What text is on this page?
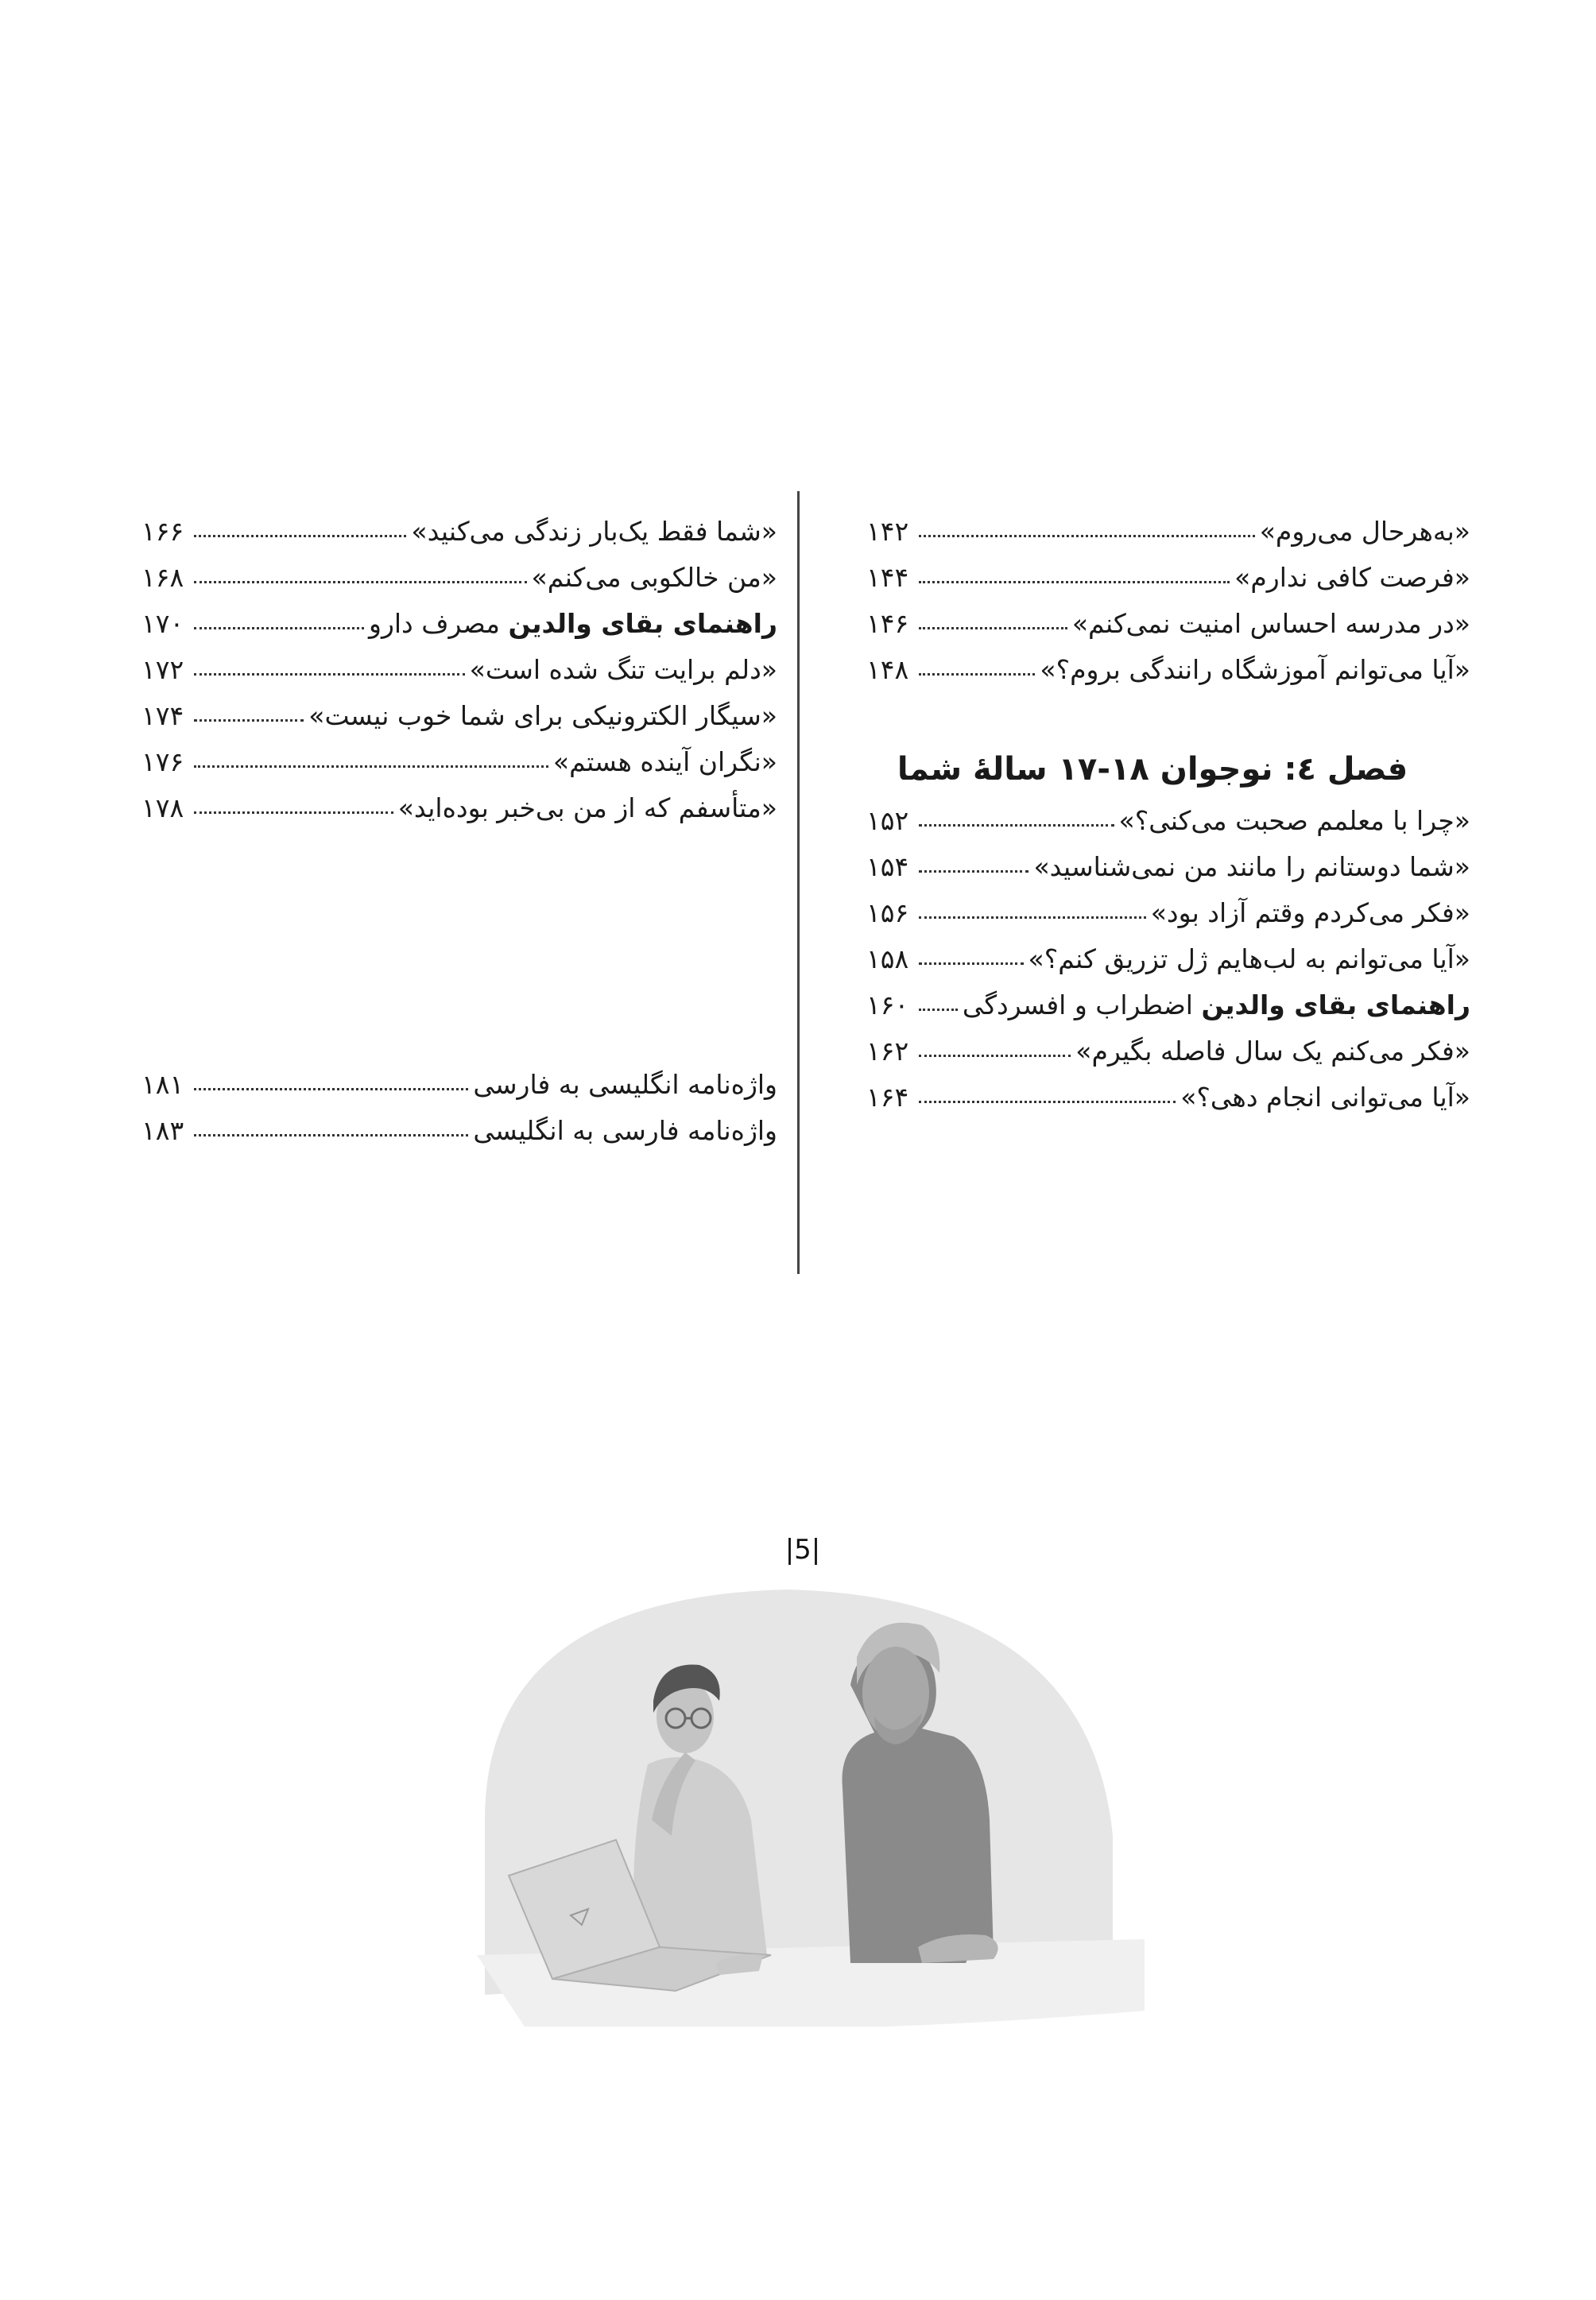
«به‌هرحال می‌روم»
۱۴۲
«فرصت کافی ندارم»
۱۴۴
«در مدرسه احساس امنیت نمی‌کنم»
۱۴۶
«آیا می‌توانم آموزشگاه رانندگی بروم؟»
۱۴۸
فصل ٤: نوجوان ۱۸-۱۷ سالهٔ شما
«چرا با معلمم صحبت می‌کنی؟»
۱۵۲
«شما دوستانم را مانند من نمی‌شناسید»
۱۵۴
«فکر می‌کردم وقتم آزاد بود»
۱۵۶
«آیا می‌توانم به لب‌هایم ژل تزریق کنم؟»
۱۵۸
راهنمای بقای والدین اضطراب و افسردگی
۱۶۰
«فکر می‌کنم یک سال فاصله بگیرم»
۱۶۲
«آیا می‌توانی انجام دهی؟»
۱۶۴
«شما فقط یک‌بار زندگی می‌کنید»
۱۶۶
«من خالکوبی می‌کنم»
۱۶۸
راهنمای بقای والدین مصرف دارو
۱۷۰
«دلم برایت تنگ شده است»
۱۷۲
«سیگار الکترونیکی برای شما خوب نیست»
۱۷۴
«نگران آینده هستم»
۱۷۶
«متأسفم که از من بی‌خبر بوده‌اید»
۱۷۸
واژه‌نامه انگلیسی به فارسی
۱۸۱
واژه‌نامه فارسی به انگلیسی
۱۸۳
|5|
